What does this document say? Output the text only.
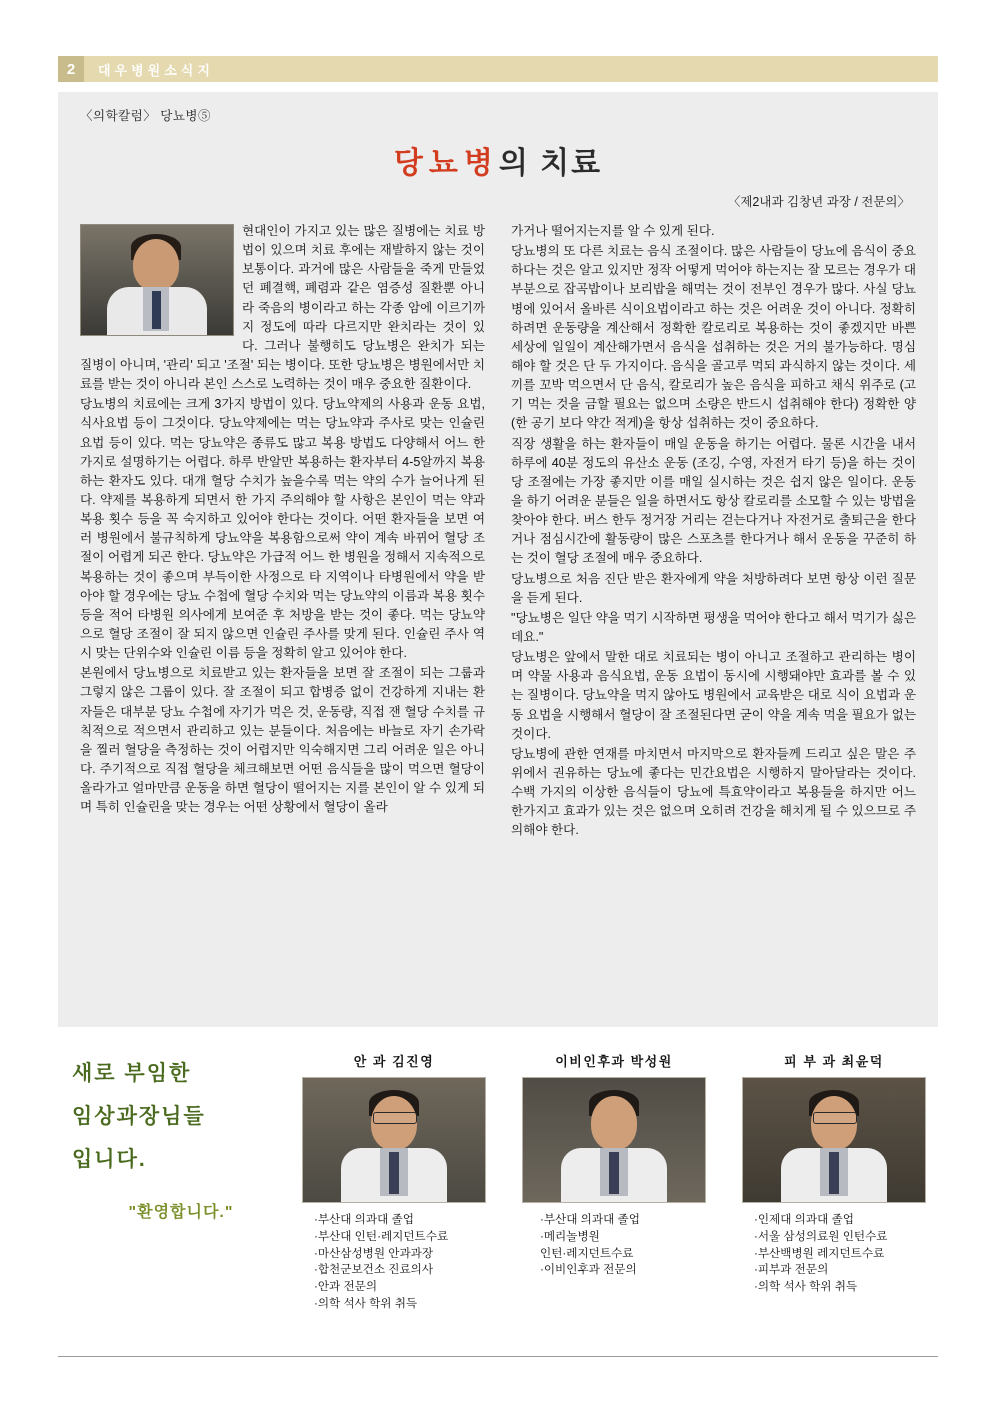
2	대우병원소식지
〈의학칼럼〉 당뇨병⑤
당뇨병의 치료
〈제2내과 김창년 과장 / 전문의〉

현대인이 가지고 있는 많은 질병에는 치료 방법이 있으며 치료 후에는 재발하지 않는 것이 보통이다. 과거에 많은 사람들을 죽게 만들었던 폐결핵, 폐렴과 같은 염증성 질환뿐 아니라 죽음의 병이라고 하는 각종 암에 이르기까지 정도에 따라 다르지만 완치라는 것이 있다. 그러나 불행히도 당뇨병은 완치가 되는 질병이 아니며, '관리' 되고 '조절' 되는 병이다. 또한 당뇨병은 병원에서만 치료를 받는 것이 아니라 본인 스스로 노력하는 것이 매우 중요한 질환이다.

당뇨병의 치료에는 크게 3가지 방법이 있다. 당뇨약제의 사용과 운동 요법, 식사요법 등이 그것이다. 당뇨약제에는 먹는 당뇨약과 주사로 맞는 인슐린 요법 등이 있다. 먹는 당뇨약은 종류도 많고 복용 방법도 다양해서 어느 한가지로 설명하기는 어렵다. 하루 반알만 복용하는 환자부터 4-5알까지 복용하는 환자도 있다. 대개 혈당 수치가 높을수록 먹는 약의 수가 늘어나게 된다. 약제를 복용하게 되면서 한 가지 주의해야 할 사항은 본인이 먹는 약과 복용 횟수 등을 꼭 숙지하고 있어야 한다는 것이다. 어떤 환자들을 보면 여러 병원에서 불규칙하게 당뇨약을 복용함으로써 약이 계속 바뀌어 혈당 조절이 어렵게 되곤 한다. 당뇨약은 가급적 어느 한 병원을 정해서 지속적으로 복용하는 것이 좋으며 부득이한 사정으로 타 지역이나 타병원에서 약을 받아야 할 경우에는 당뇨 수첩에 혈당 수치와 먹는 당뇨약의 이름과 복용 횟수 등을 적어 타병원 의사에게 보여준 후 처방을 받는 것이 좋다. 먹는 당뇨약으로 혈당 조절이 잘 되지 않으면 인슐린 주사를 맞게 된다. 인슐린 주사 역시 맞는 단위수와 인슐린 이름 등을 정확히 알고 있어야 한다.

본원에서 당뇨병으로 치료받고 있는 환자들을 보면 잘 조절이 되는 그룹과 그렇지 않은 그룹이 있다. 잘 조절이 되고 합병증 없이 건강하게 지내는 환자들은 대부분 당뇨 수첩에 자기가 먹은 것, 운동량, 직접 잰 혈당 수치를 규칙적으로 적으면서 관리하고 있는 분들이다. 처음에는 바늘로 자기 손가락을 찔러 혈당을 측정하는 것이 어렵지만 익숙해지면 그리 어려운 일은 아니다. 주기적으로 직접 혈당을 체크해보면 어떤 음식들을 많이 먹으면 혈당이 올라가고 얼마만큼 운동을 하면 혈당이 떨어지는 지를 본인이 알 수 있게 되며 특히 인슐린을 맞는 경우는 어떤 상황에서 혈당이 올라

가거나 떨어지는지를 알 수 있게 된다.

당뇨병의 또 다른 치료는 음식 조절이다. 많은 사람들이 당뇨에 음식이 중요하다는 것은 알고 있지만 정작 어떻게 먹어야 하는지는 잘 모르는 경우가 대부분으로 잡곡밥이나 보리밥을 해먹는 것이 전부인 경우가 많다. 사실 당뇨병에 있어서 올바른 식이요법이라고 하는 것은 어려운 것이 아니다. 정확히 하려면 운동량을 계산해서 정확한 칼로리로 복용하는 것이 좋겠지만 바쁜 세상에 일일이 계산해가면서 음식을 섭취하는 것은 거의 불가능하다. 명심해야 할 것은 단 두 가지이다. 음식을 골고루 먹되 과식하지 않는 것이다. 세끼를 꼬박 먹으면서 단 음식, 칼로리가 높은 음식을 피하고 채식 위주로 (고기 먹는 것을 금할 필요는 없으며 소량은 반드시 섭취해야 한다) 정확한 양 (한 공기 보다 약간 적게)을 항상 섭취하는 것이 중요하다.

직장 생활을 하는 환자들이 매일 운동을 하기는 어렵다. 물론 시간을 내서 하루에 40분 정도의 유산소 운동 (조깅, 수영, 자전거 타기 등)을 하는 것이 당 조절에는 가장 좋지만 이를 매일 실시하는 것은 쉽지 않은 일이다. 운동을 하기 어려운 분들은 일을 하면서도 항상 칼로리를 소모할 수 있는 방법을 찾아야 한다. 버스 한두 정거장 거리는 걷는다거나 자전거로 출퇴근을 한다거나 점심시간에 활동량이 많은 스포츠를 한다거나 해서 운동을 꾸준히 하는 것이 혈당 조절에 매우 중요하다.

당뇨병으로 처음 진단 받은 환자에게 약을 처방하려다 보면 항상 이런 질문을 듣게 된다.

"당뇨병은 일단 약을 먹기 시작하면 평생을 먹어야 한다고 해서 먹기가 싫은데요."

당뇨병은 앞에서 말한 대로 치료되는 병이 아니고 조절하고 관리하는 병이며 약물 사용과 음식요법, 운동 요법이 동시에 시행돼야만 효과를 볼 수 있는 질병이다. 당뇨약을 먹지 않아도 병원에서 교육받은 대로 식이 요법과 운동 요법을 시행해서 혈당이 잘 조절된다면 굳이 약을 계속 먹을 필요가 없는 것이다.

당뇨병에 관한 연재를 마치면서 마지막으로 환자들께 드리고 싶은 말은 주위에서 권유하는 당뇨에 좋다는 민간요법은 시행하지 말아달라는 것이다. 수백 가지의 이상한 음식들이 당뇨에 특효약이라고 복용들을 하지만 어느 한가지고 효과가 있는 것은 없으며 오히려 건강을 해치게 될 수 있으므로 주의해야 한다.

새로 부임한
임상과장님들
입니다.
"환영합니다."
안 과 김진영
·부산대 의과대 졸업
·부산대 인턴·레지던트수료
·마산삼성병원 안과과장
·합천군보건소 진료의사
·안과 전문의
·의학 석사 학위 취득
이비인후과 박성원
·부산대 의과대 졸업
·메리놀병원
인턴·레지던트수료
·이비인후과 전문의
피 부 과 최윤덕
·인제대 의과대 졸업
·서울 삼성의료원 인턴수료
·부산백병원 레지던트수료
·피부과 전문의
·의학 석사 학위 취득
